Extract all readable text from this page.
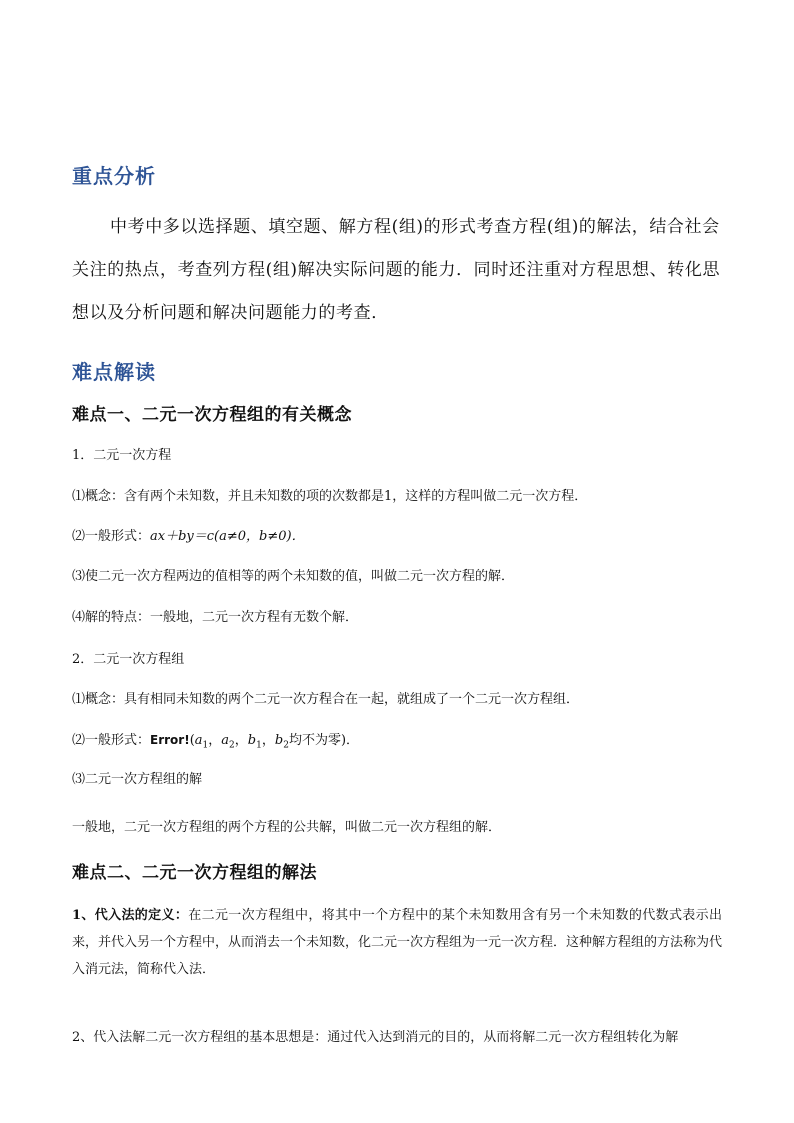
重点分析

中考中多以选择题、填空题、解方程(组)的形式考查方程(组)的解法，结合社会关注的热点，考查列方程(组)解决实际问题的能力．同时还注重对方程思想、转化思想以及分析问题和解决问题能力的考查．

难点解读
难点一、二元一次方程组的有关概念

1．二元一次方程

⑴概念：含有两个未知数，并且未知数的项的次数都是1，这样的方程叫做二元一次方程．

⑵一般形式：ax＋by＝c(a≠0，b≠0)．

⑶使二元一次方程两边的值相等的两个未知数的值，叫做二元一次方程的解．

⑷解的特点：一般地，二元一次方程有无数个解．

2．二元一次方程组

⑴概念：具有相同未知数的两个二元一次方程合在一起，就组成了一个二元一次方程组．

⑵一般形式：$Error!(a_1$，$a_2$，$b_1$，$b_2$均不为零)．

⑶二元一次方程组的解

一般地，二元一次方程组的两个方程的公共解，叫做二元一次方程组的解．

难点二、二元一次方程组的解法

1、代入法的定义：在二元一次方程组中，将其中一个方程中的某个未知数用含有另一个未知数的代数式表示出来，并代入另一个方程中，从而消去一个未知数，化二元一次方程组为一元一次方程．这种解方程组的方法称为代入消元法，简称代入法．

2、代入法解二元一次方程组的基本思想是：通过代入达到消元的目的，从而将解二元一次方程组转化为解
